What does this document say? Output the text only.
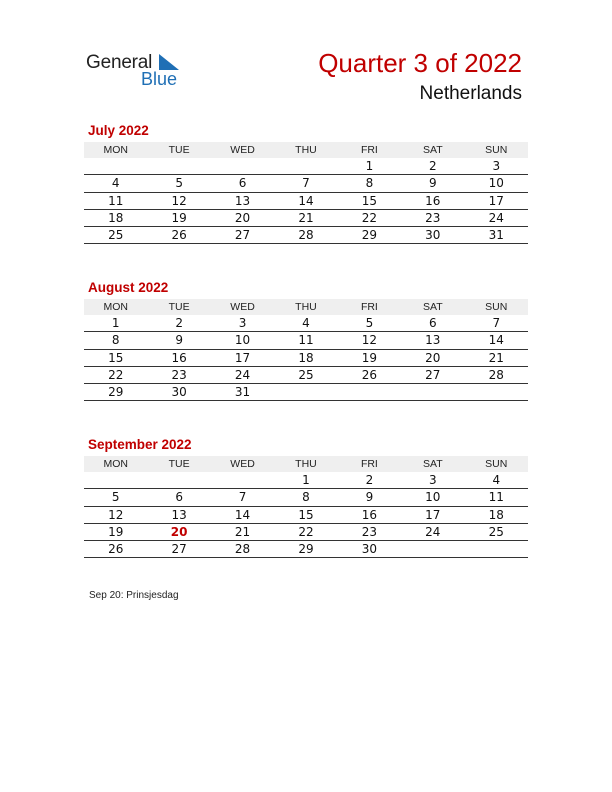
General
Blue
Quarter 3 of 2022
Netherlands
July 2022
MON	TUE	WED	THU	FRI	SAT	SUN
				1	2	3
4	5	6	7	8	9	10
11	12	13	14	15	16	17
18	19	20	21	22	23	24
25	26	27	28	29	30	31
August 2022
MON	TUE	WED	THU	FRI	SAT	SUN
1	2	3	4	5	6	7
8	9	10	11	12	13	14
15	16	17	18	19	20	21
22	23	24	25	26	27	28
29	30	31				
September 2022
MON	TUE	WED	THU	FRI	SAT	SUN
			1	2	3	4
5	6	7	8	9	10	11
12	13	14	15	16	17	18
19	20	21	22	23	24	25
26	27	28	29	30		
Sep 20: Prinsjesdag
